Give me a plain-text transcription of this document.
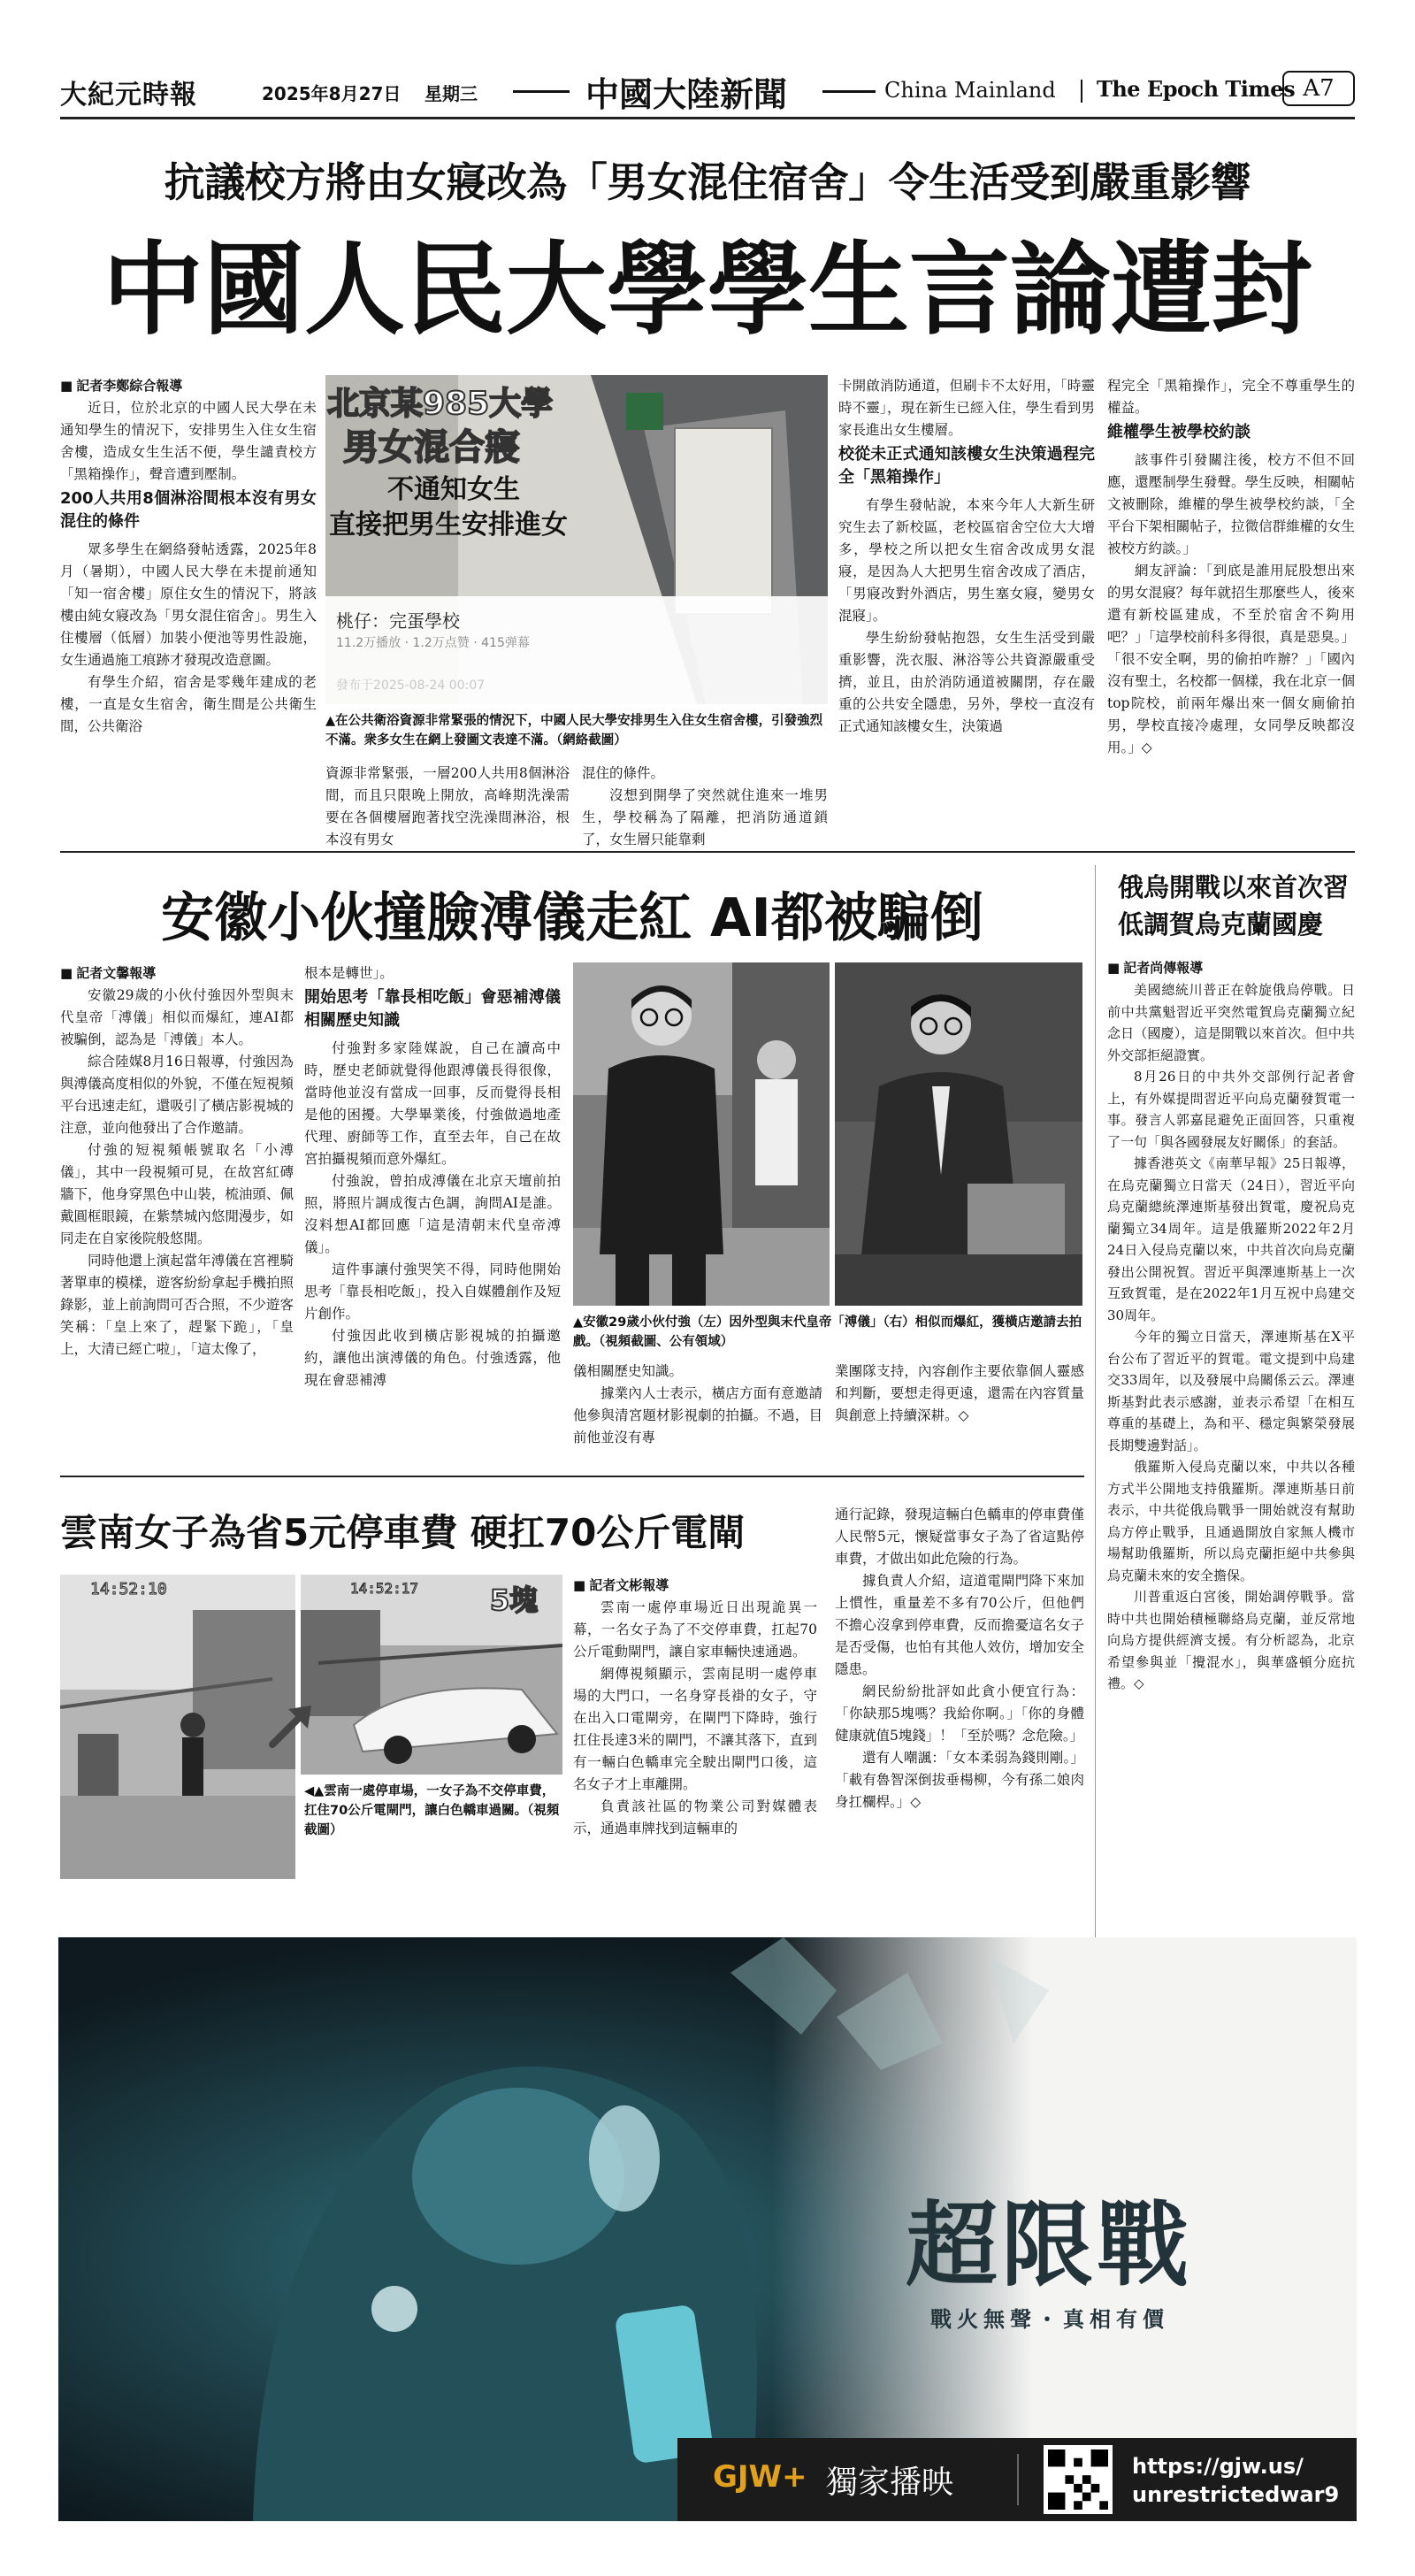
大紀元時報	2025年8月27日 星期三	中國大陸新聞	China Mainland The Epoch Times A7
抗議校方將由女寢改為「男女混住宿舍」令生活受到嚴重影響
中國人民大學學生言論遭封
■ 記者李鄭綜合報導

近日，位於北京的中國人民大學在未通知學生的情況下，安排男生入住女生宿舍樓，造成女生生活不便，學生譴責校方「黑箱操作」，聲音遭到壓制。

200人共用8個淋浴間根本沒有男女混住的條件

眾多學生在網絡發帖透露，2025年8月（暑期），中國人民大學在未提前通知「知一宿舍樓」原住女生的情況下，將該樓由純女寢改為「男女混住宿舍」。男生入住樓層（低層）加裝小便池等男性設施，女生通過施工痕跡才發現改造意圖。

有學生介紹，宿舍是零幾年建成的老樓，一直是女生宿舍，衛生間是公共衛生間，公共衛浴

北京某985大學
男女混合寢
不通知女生
直接把男生安排進女
桃仔：完蛋學校
11.2万播放 · 1.2万点赞 · 415弹幕
發布于2025-08-24 00:07
▲在公共衛浴資源非常緊張的情況下，中國人民大學安排男生入住女生宿舍樓，引發強烈不滿。衆多女生在網上發圖文表達不滿。（網絡截圖）

資源非常緊張，一層200人共用8個淋浴間，而且只限晚上開放，高峰期洗澡需要在各個樓層跑著找空洗澡間淋浴，根本沒有男女

混住的條件。

沒想到開學了突然就住進來一堆男生，學校稱為了隔離，把消防通道鎖了，女生層只能靠剩

卡開啟消防通道，但刷卡不太好用，「時靈時不靈」，現在新生已經入住，學生看到男家長進出女生樓層。

校從未正式通知該樓女生決策過程完全「黑箱操作」

有學生發帖說，本來今年人大新生研究生去了新校區，老校區宿舍空位大大增多，學校之所以把女生宿舍改成男女混寢，是因為人大把男生宿舍改成了酒店，「男寢改對外酒店，男生塞女寢，變男女混寢」。

學生紛紛發帖抱怨，女生生活受到嚴重影響，洗衣服、淋浴等公共資源嚴重受擠，並且，由於消防通道被關閉，存在嚴重的公共安全隱患，另外，學校一直沒有正式通知該樓女生，決策過

程完全「黑箱操作」，完全不尊重學生的權益。

維權學生被學校約談

該事件引發關注後，校方不但不回應，還壓制學生發聲。學生反映，相關帖文被刪除，維權的學生被學校約談，「全平台下架相關帖子，拉微信群維權的女生被校方約談。」

網友評論：「到底是誰用屁股想出來的男女混寢？每年就招生那麼些人，後來還有新校區建成，不至於宿舍不夠用吧？」「這學校前科多得很，真是惡臭。」「很不安全啊，男的偷拍咋辦？」「國內沒有聖土，名校都一個樣，我在北京一個top院校，前兩年爆出來一個女廁偷拍男，學校直接冷處理，女同學反映都沒用。」◇

安徽小伙撞臉溥儀走紅 AI都被騙倒
■ 記者文馨報導

安徽29歲的小伙付強因外型與末代皇帝「溥儀」相似而爆紅，連AI都被騙倒，認為是「溥儀」本人。

綜合陸媒8月16日報導，付強因為與溥儀高度相似的外貌，不僅在短視頻平台迅速走紅，還吸引了橫店影視城的注意，並向他發出了合作邀請。

付強的短視頻帳號取名「小溥儀」，其中一段視頻可見，在故宮紅磚牆下，他身穿黑色中山裝，梳油頭、佩戴圓框眼鏡，在紫禁城內悠閒漫步，如同走在自家後院般悠閒。

同時他還上演起當年溥儀在宮裡騎著單車的模樣，遊客紛紛拿起手機拍照錄影，並上前詢問可否合照，不少遊客笑稱：「皇上來了，趕緊下跪」，「皇上，大清已經亡啦」，「這太像了，

根本是轉世」。

開始思考「靠長相吃飯」會惡補溥儀相關歷史知識

付強對多家陸媒說，自己在讀高中時，歷史老師就覺得他跟溥儀長得很像，當時他並沒有當成一回事，反而覺得長相是他的困擾。大學畢業後，付強做過地產代理、廚師等工作，直至去年，自己在故宮拍攝視頻而意外爆紅。

付強說，曾拍成溥儀在北京天壇前拍照，將照片調成復古色調，詢問AI是誰。沒料想AI都回應「這是清朝末代皇帝溥儀」。

這件事讓付強哭笑不得，同時他開始思考「靠長相吃飯」，投入自媒體創作及短片創作。

付強因此收到橫店影視城的拍攝邀約，讓他出演溥儀的角色。付強透露，他現在會惡補溥

▲安徽29歲小伙付強（左）因外型與末代皇帝「溥儀」（右）相似而爆紅，獲橫店邀請去拍戲。（視頻截圖、公有領域）

儀相關歷史知識。

據業內人士表示，橫店方面有意邀請他參與清宮題材影視劇的拍攝。不過，目前他並沒有專

業團隊支持，內容創作主要依靠個人靈感和判斷，要想走得更遠，還需在內容質量與創意上持續深耕。◇

雲南女子為省5元停車費 硬扛70公斤電閘
14:52:10	14:52:17	5塊
◀▲雲南一處停車場，一女子為不交停車費，扛住70公斤電閘門，讓白色轎車過關。（視頻截圖）
■ 記者文彬報導

雲南一處停車場近日出現詭異一幕，一名女子為了不交停車費，扛起70公斤電動閘門，讓自家車輛快速通過。

網傳視頻顯示，雲南昆明一處停車場的大門口，一名身穿長褂的女子，守在出入口電閘旁，在閘門下降時，強行扛住長達3米的閘門，不讓其落下，直到有一輛白色轎車完全駛出閘門口後，這名女子才上車離開。

負責該社區的物業公司對媒體表示，通過車牌找到這輛車的

通行記錄，發現這輛白色轎車的停車費僅人民幣5元，懷疑當事女子為了省這點停車費，才做出如此危險的行為。

據負責人介紹，這道電閘門降下來加上慣性，重量差不多有70公斤，但他們不擔心沒拿到停車費，反而擔憂這名女子是否受傷，也怕有其他人效仿，增加安全隱患。

網民紛紛批評如此貪小便宜行為：「你缺那5塊嗎？我給你啊。」「你的身體健康就值5塊錢」！「至於嗎？念危險。」

還有人嘲諷：「女本柔弱為錢則剛。」「載有魯智深倒拔垂楊柳，今有孫二娘肉身扛欄桿。」◇

俄烏開戰以來首次習低調賀烏克蘭國慶
■ 記者尚傳報導

美國總統川普正在斡旋俄烏停戰。日前中共黨魁習近平突然電賀烏克蘭獨立紀念日（國慶），這是開戰以來首次。但中共外交部拒絕證實。

8月26日的中共外交部例行記者會上，有外媒提問習近平向烏克蘭發賀電一事。發言人郭嘉昆避免正面回答，只重複了一句「與各國發展友好關係」的套話。

據香港英文《南華早報》25日報導，在烏克蘭獨立日當天（24日），習近平向烏克蘭總統澤連斯基發出賀電，慶祝烏克蘭獨立34周年。這是俄羅斯2022年2月24日入侵烏克蘭以來，中共首次向烏克蘭發出公開祝賀。習近平與澤連斯基上一次互致賀電，是在2022年1月互祝中烏建交30周年。

今年的獨立日當天，澤連斯基在X平台公布了習近平的賀電。電文提到中烏建交33周年，以及發展中烏關係云云。澤連斯基對此表示感謝，並表示希望「在相互尊重的基礎上，為和平、穩定與繁榮發展長期雙邊對話」。

俄羅斯入侵烏克蘭以來，中共以各種方式半公開地支持俄羅斯。澤連斯基日前表示，中共從俄烏戰爭一開始就沒有幫助烏方停止戰爭，且通過開放自家無人機市場幫助俄羅斯，所以烏克蘭拒絕中共參與烏克蘭未來的安全擔保。

川普重返白宮後，開始調停戰爭。當時中共也開始積極聯絡烏克蘭，並反常地向烏方提供經濟支援。有分析認為，北京希望參與並「攪混水」，與華盛頓分庭抗禮。◇

超限戰
戰火無聲・真相有價
GJW+ 獨家播映	https://gjw.us/
unrestrictedwar9
